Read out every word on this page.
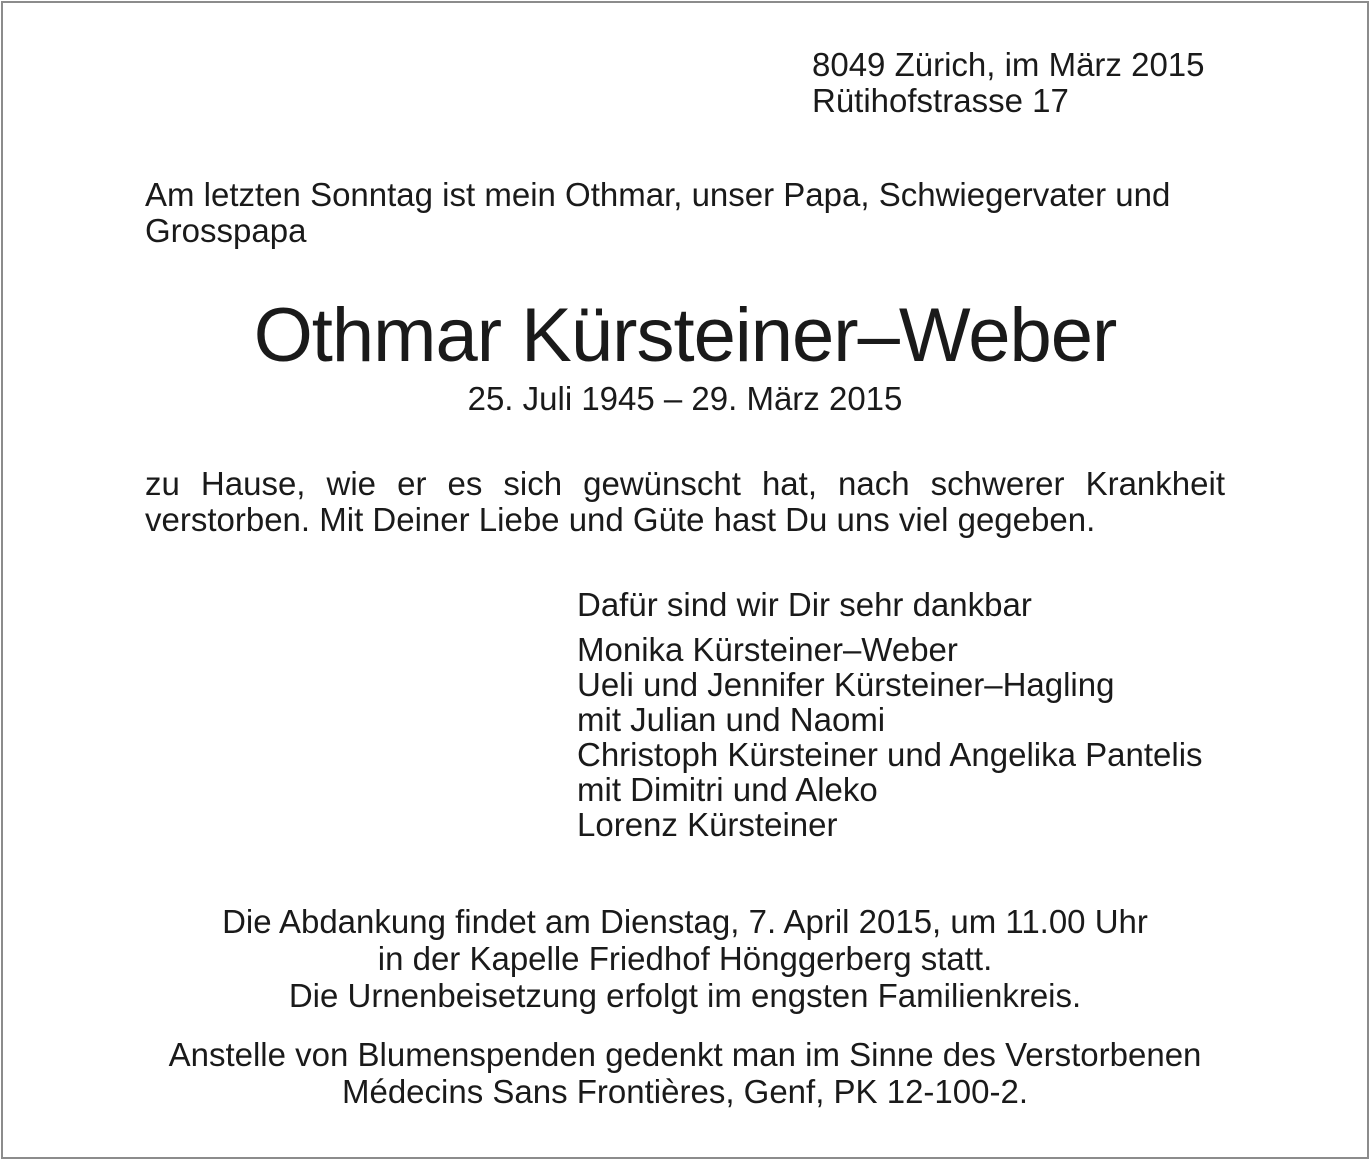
8049 Zürich, im März 2015
Rütihofstrasse 17
Am letzten Sonntag ist mein Othmar, unser Papa, Schwiegervater und Grosspapa
Othmar Kürsteiner–Weber
25. Juli 1945 – 29. März 2015
zu Hause, wie er es sich gewünscht hat, nach schwerer Krankheit
verstorben. Mit Deiner Liebe und Güte hast Du uns viel gegeben.
Dafür sind wir Dir sehr dankbar
Monika Kürsteiner–Weber
Ueli und Jennifer Kürsteiner–Hagling
mit Julian und Naomi
Christoph Kürsteiner und Angelika Pantelis
mit Dimitri und Aleko
Lorenz Kürsteiner
Die Abdankung findet am Dienstag, 7. April 2015, um 11.00 Uhr
in der Kapelle Friedhof Hönggerberg statt.
Die Urnenbeisetzung erfolgt im engsten Familienkreis.
Anstelle von Blumenspenden gedenkt man im Sinne des Verstorbenen
Médecins Sans Frontières, Genf, PK 12-100-2.
